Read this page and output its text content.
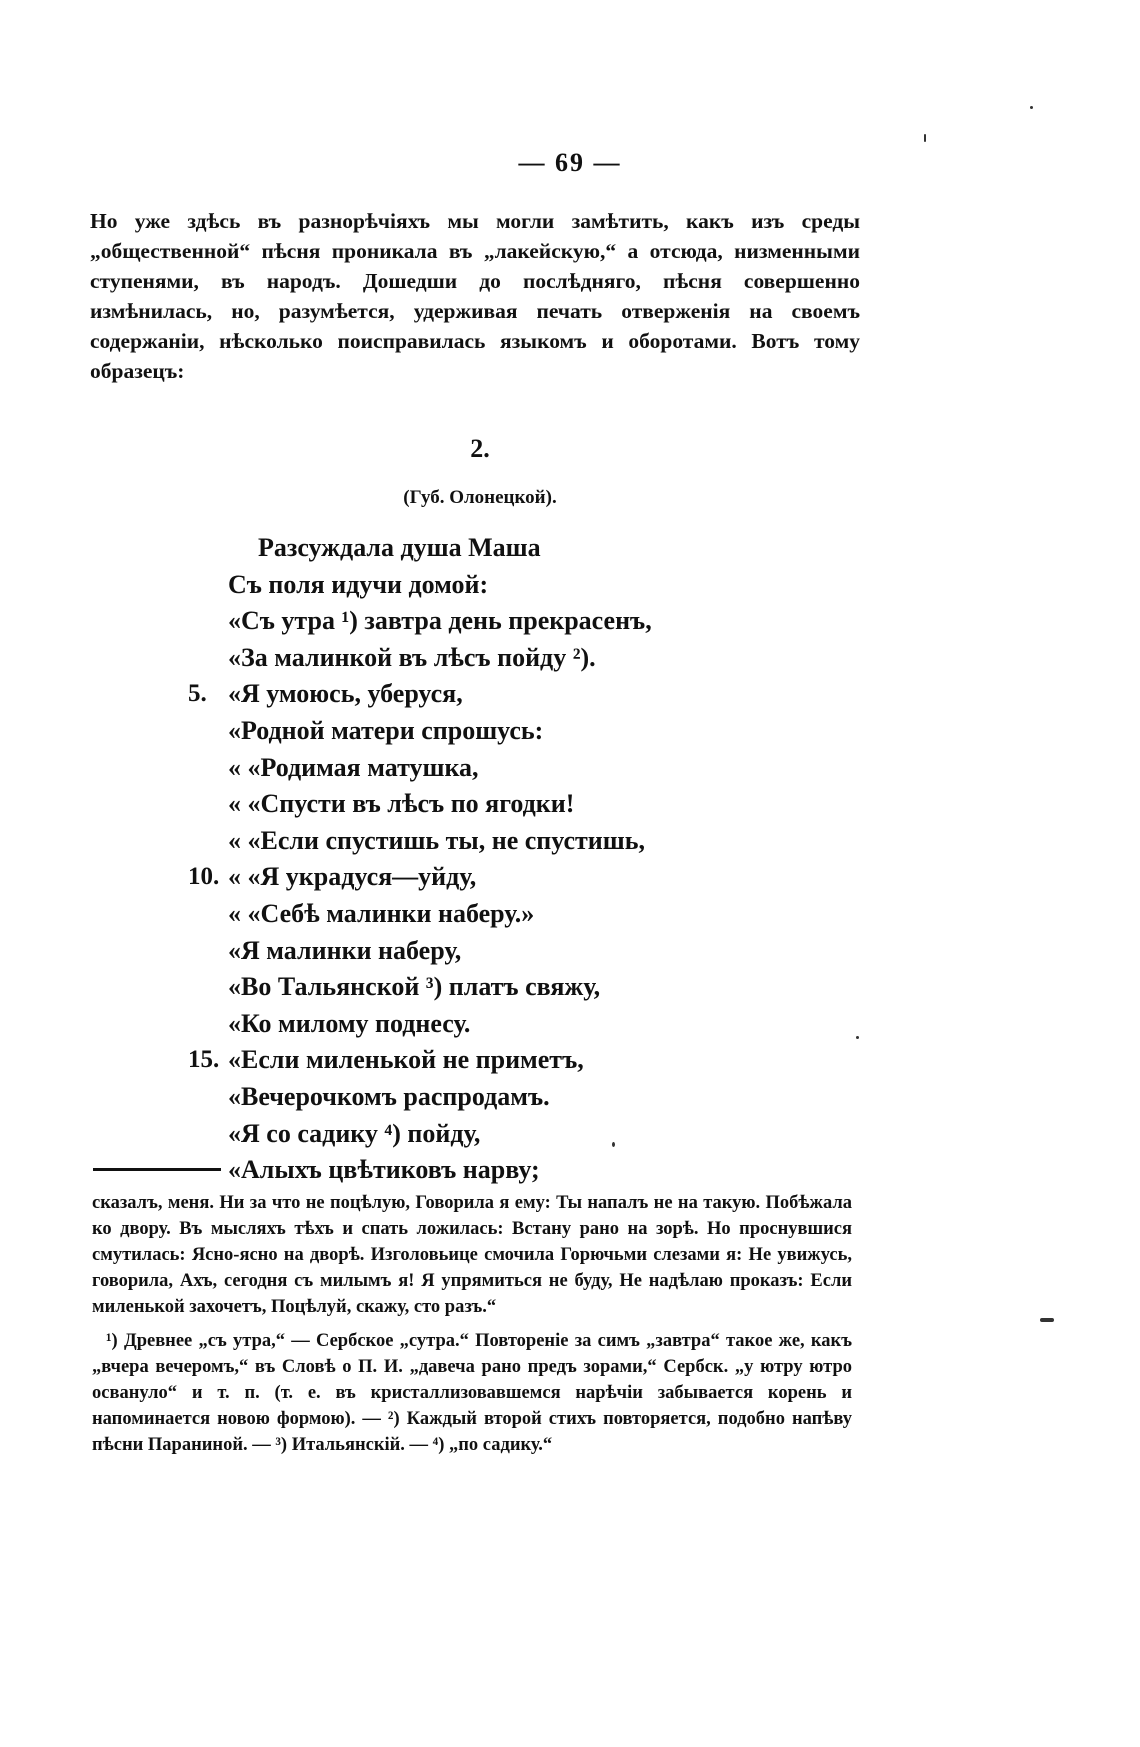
— 69 —

Но уже здѣсь въ разнорѣчіяхъ мы могли замѣтить, какъ изъ среды „общественной“ пѣсня проникала въ „лакейскую,“ а отсюда, низменными ступенями, въ народъ. Дошедши до послѣдняго, пѣсня совершенно измѣнилась, но, разумѣется, удерживая печать отверженія на своемъ содержаніи, нѣсколько поисправилась языкомъ и оборотами. Вотъ тому образецъ:

2.
(Губ. Олонецкой).
Разсуждала душа Маша
Съ поля идучи домой:
«Съ утра ¹) завтра день прекрасенъ,
«За малинкой въ лѣсъ пойду ²).
5. «Я умоюсь, уберуся,
«Родной матери спрошусь:
« «Родимая матушка,
« «Спусти въ лѣсъ по ягодки!
« «Если спустишь ты, не спустишь,
10. « «Я украдуся—уйду,
« «Себѣ малинки наберу.»
«Я малинки наберу,
«Во Тальянской ³) платъ свяжу,
«Ко милому поднесу.
15. «Если миленькой не приметъ,
«Вечерочкомъ распродамъ.
«Я со садику ⁴) пойду,
«Алыхъ цвѣтиковъ нарву;

сказалъ, меня. Ни за что не поцѣлую, Говорила я ему: Ты напалъ не на такую. Побѣжала ко двору. Въ мысляхъ тѣхъ и спать ложилась: Встану рано на зорѣ. Но проснувшися смутилась: Ясно-ясно на дворѣ. Изголовьице смочила Горючьми слезами я: Не увижусь, говорила, Ахъ, сегодня съ милымъ я! Я упрямиться не буду, Не надѣлаю проказъ: Если миленькой захочетъ, Поцѣлуй, скажу, сто разъ.“

¹) Древнее „съ утра,“ — Сербское „сутра.“ Повтореніе за симъ „завтра“ такое же, какъ „вчера вечеромъ,“ въ Словѣ о П. И. „давеча рано предъ зорами,“ Сербск. „у ютру ютро освануло“ и т. п. (т. е. въ кристаллизовавшемся нарѣчіи забывается корень и напоминается новою формою). — ²) Каждый второй стихъ повторяется, подобно напѣву пѣсни Параниной. — ³) Итальянскій. — ⁴) „по садику.“
